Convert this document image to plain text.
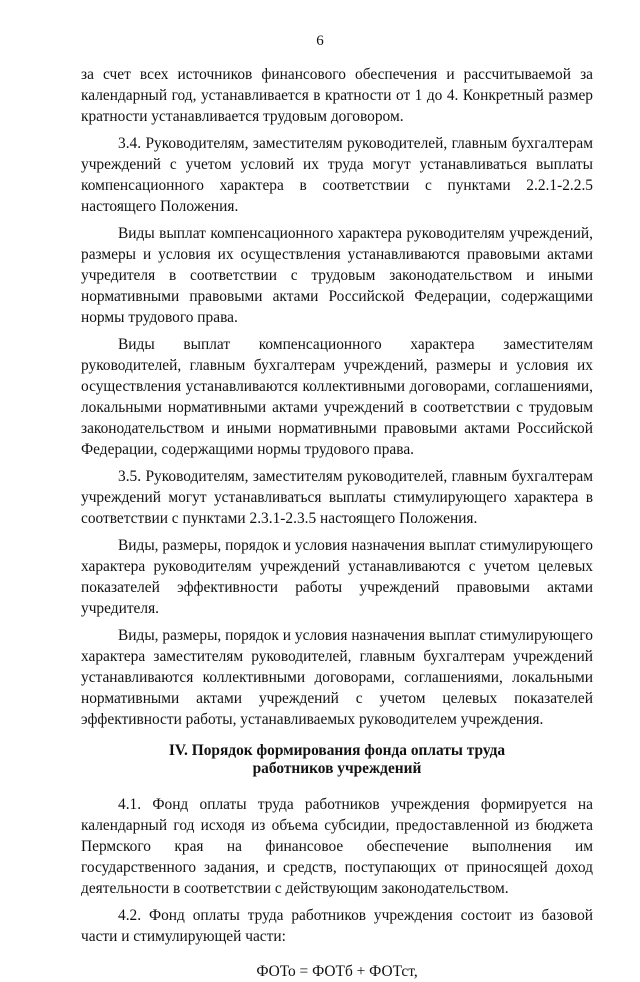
6
за счет всех источников финансового обеспечения и рассчитываемой за календарный год, устанавливается в кратности от 1 до 4. Конкретный размер кратности устанавливается трудовым договором.
3.4. Руководителям, заместителям руководителей, главным бухгалтерам учреждений с учетом условий их труда могут устанавливаться выплаты компенсационного характера в соответствии с пунктами 2.2.1-2.2.5 настоящего Положения.
Виды выплат компенсационного характера руководителям учреждений, размеры и условия их осуществления устанавливаются правовыми актами учредителя в соответствии с трудовым законодательством и иными нормативными правовыми актами Российской Федерации, содержащими нормы трудового права.
Виды выплат компенсационного характера заместителям руководителей, главным бухгалтерам учреждений, размеры и условия их осуществления устанавливаются коллективными договорами, соглашениями, локальными нормативными актами учреждений в соответствии с трудовым законодательством и иными нормативными правовыми актами Российской Федерации, содержащими нормы трудового права.
3.5. Руководителям, заместителям руководителей, главным бухгалтерам учреждений могут устанавливаться выплаты стимулирующего характера в соответствии с пунктами 2.3.1-2.3.5 настоящего Положения.
Виды, размеры, порядок и условия назначения выплат стимулирующего характера руководителям учреждений устанавливаются с учетом целевых показателей эффективности работы учреждений правовыми актами учредителя.
Виды, размеры, порядок и условия назначения выплат стимулирующего характера заместителям руководителей, главным бухгалтерам учреждений устанавливаются коллективными договорами, соглашениями, локальными нормативными актами учреждений с учетом целевых показателей эффективности работы, устанавливаемых руководителем учреждения.
IV. Порядок формирования фонда оплаты труда
работников учреждений
4.1. Фонд оплаты труда работников учреждения формируется на календарный год исходя из объема субсидии, предоставленной из бюджета Пермского края на финансовое обеспечение выполнения им государственного задания, и средств, поступающих от приносящей доход деятельности в соответствии с действующим законодательством.
4.2. Фонд оплаты труда работников учреждения состоит из базовой части и стимулирующей части:
ФОТо = ФОТб + ФОТст,
